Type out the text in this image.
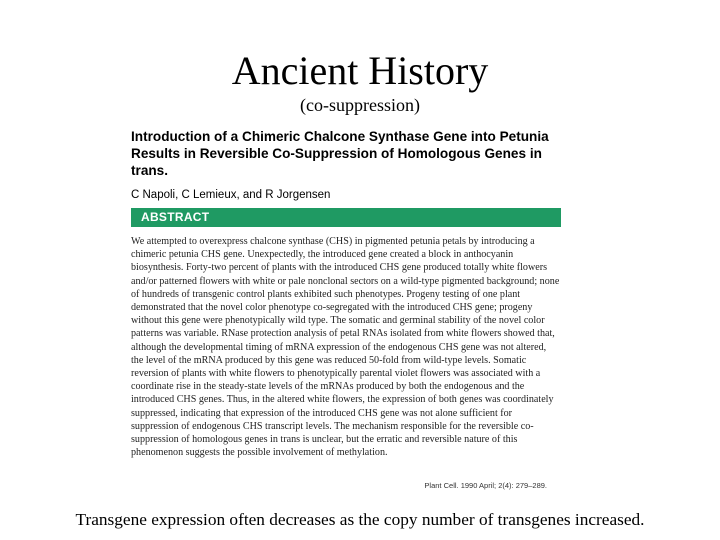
Ancient History
(co-suppression)
Introduction of a Chimeric Chalcone Synthase Gene into Petunia Results in Reversible Co-Suppression of Homologous Genes in trans.
C Napoli, C Lemieux, and R Jorgensen
ABSTRACT
We attempted to overexpress chalcone synthase (CHS) in pigmented petunia petals by introducing a chimeric petunia CHS gene. Unexpectedly, the introduced gene created a block in anthocyanin biosynthesis. Forty-two percent of plants with the introduced CHS gene produced totally white flowers and/or patterned flowers with white or pale nonclonal sectors on a wild-type pigmented background; none of hundreds of transgenic control plants exhibited such phenotypes. Progeny testing of one plant demonstrated that the novel color phenotype co-segregated with the introduced CHS gene; progeny without this gene were phenotypically wild type. The somatic and germinal stability of the novel color patterns was variable. RNase protection analysis of petal RNAs isolated from white flowers showed that, although the developmental timing of mRNA expression of the endogenous CHS gene was not altered, the level of the mRNA produced by this gene was reduced 50-fold from wild-type levels. Somatic reversion of plants with white flowers to phenotypically parental violet flowers was associated with a coordinate rise in the steady-state levels of the mRNAs produced by both the endogenous and the introduced CHS genes. Thus, in the altered white flowers, the expression of both genes was coordinately suppressed, indicating that expression of the introduced CHS gene was not alone sufficient for suppression of endogenous CHS transcript levels. The mechanism responsible for the reversible co-suppression of homologous genes in trans is unclear, but the erratic and reversible nature of this phenomenon suggests the possible involvement of methylation.
Plant Cell. 1990 April; 2(4): 279–289.
Transgene expression often decreases as the copy number of transgenes increased.
